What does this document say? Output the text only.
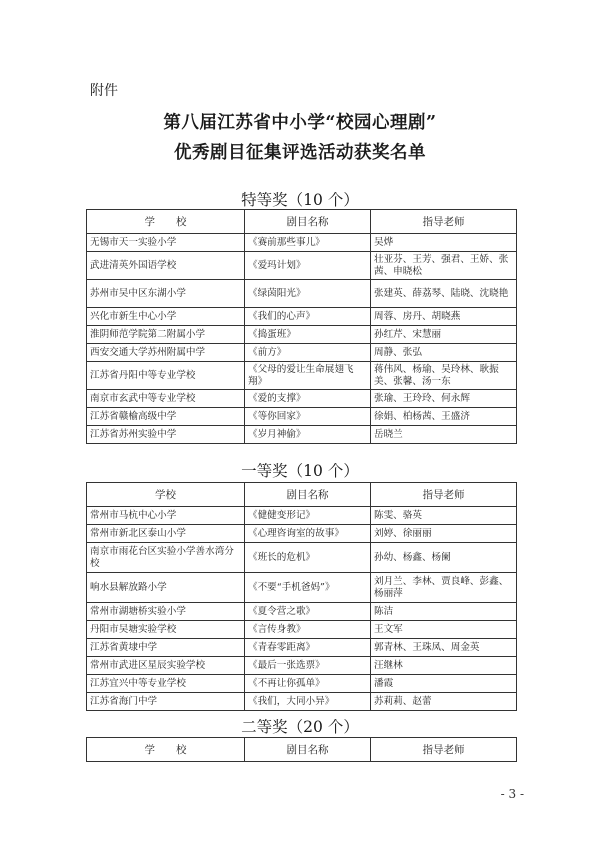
附件
第八届江苏省中小学“校园心理剧”
优秀剧目征集评选活动获奖名单
特等奖（10 个）
学　　校	剧目名称	指导老师
无锡市天一实验小学	《赛前那些事儿》	吴烨
武进清英外国语学校	《爱玛计划》	壮亚芬、王芳、强君、王娇、张茜、申晓松
苏州市吴中区东湖小学	《绿茵阳光》	张建英、薛荔琴、陆晓、沈晓艳
兴化市新生中心小学	《我们的心声》	周蓉、房丹、胡晓燕
淮阴师范学院第二附属小学	《捣蛋班》	孙红芹、宋慧丽
西安交通大学苏州附属中学	《前方》	周静、张弘
江苏省丹阳中等专业学校	《父母的爱让生命展翅飞翔》	蒋伟风、杨瑜、吴玲林、耿振美、张馨、汤一东
南京市玄武中等专业学校	《爱的支撑》	张瑜、王玲玲、何永辉
江苏省赣榆高级中学	《等你回家》	徐娟、柏杨茜、王盛济
江苏省苏州实验中学	《岁月神偷》	岳晓兰
一等奖（10 个）
学校	剧目名称	指导老师
常州市马杭中心小学	《健健变形记》	陈雯、骆英
常州市新北区泰山小学	《心理咨询室的故事》	刘婷、徐丽丽
南京市雨花台区实验小学善水湾分校	《班长的危机》	孙幼、杨鑫、杨阑
响水县解放路小学	《不要“手机爸妈”》	刘月兰、李林、贾良峰、彭鑫、杨丽萍
常州市湖塘桥实验小学	《夏令营之歌》	陈洁
丹阳市吴塘实验学校	《言传身教》	王文军
江苏省黄埭中学	《青春零距离》	郭青林、王珠凤、周金英
常州市武进区星辰实验学校	《最后一张选票》	汪继林
江苏宜兴中等专业学校	《不再让你孤单》	潘霞
江苏省海门中学	《我们，大同小异》	苏莉莉、赵蕾
二等奖（20 个）
学　　校	剧目名称	指导老师
- 3 -
